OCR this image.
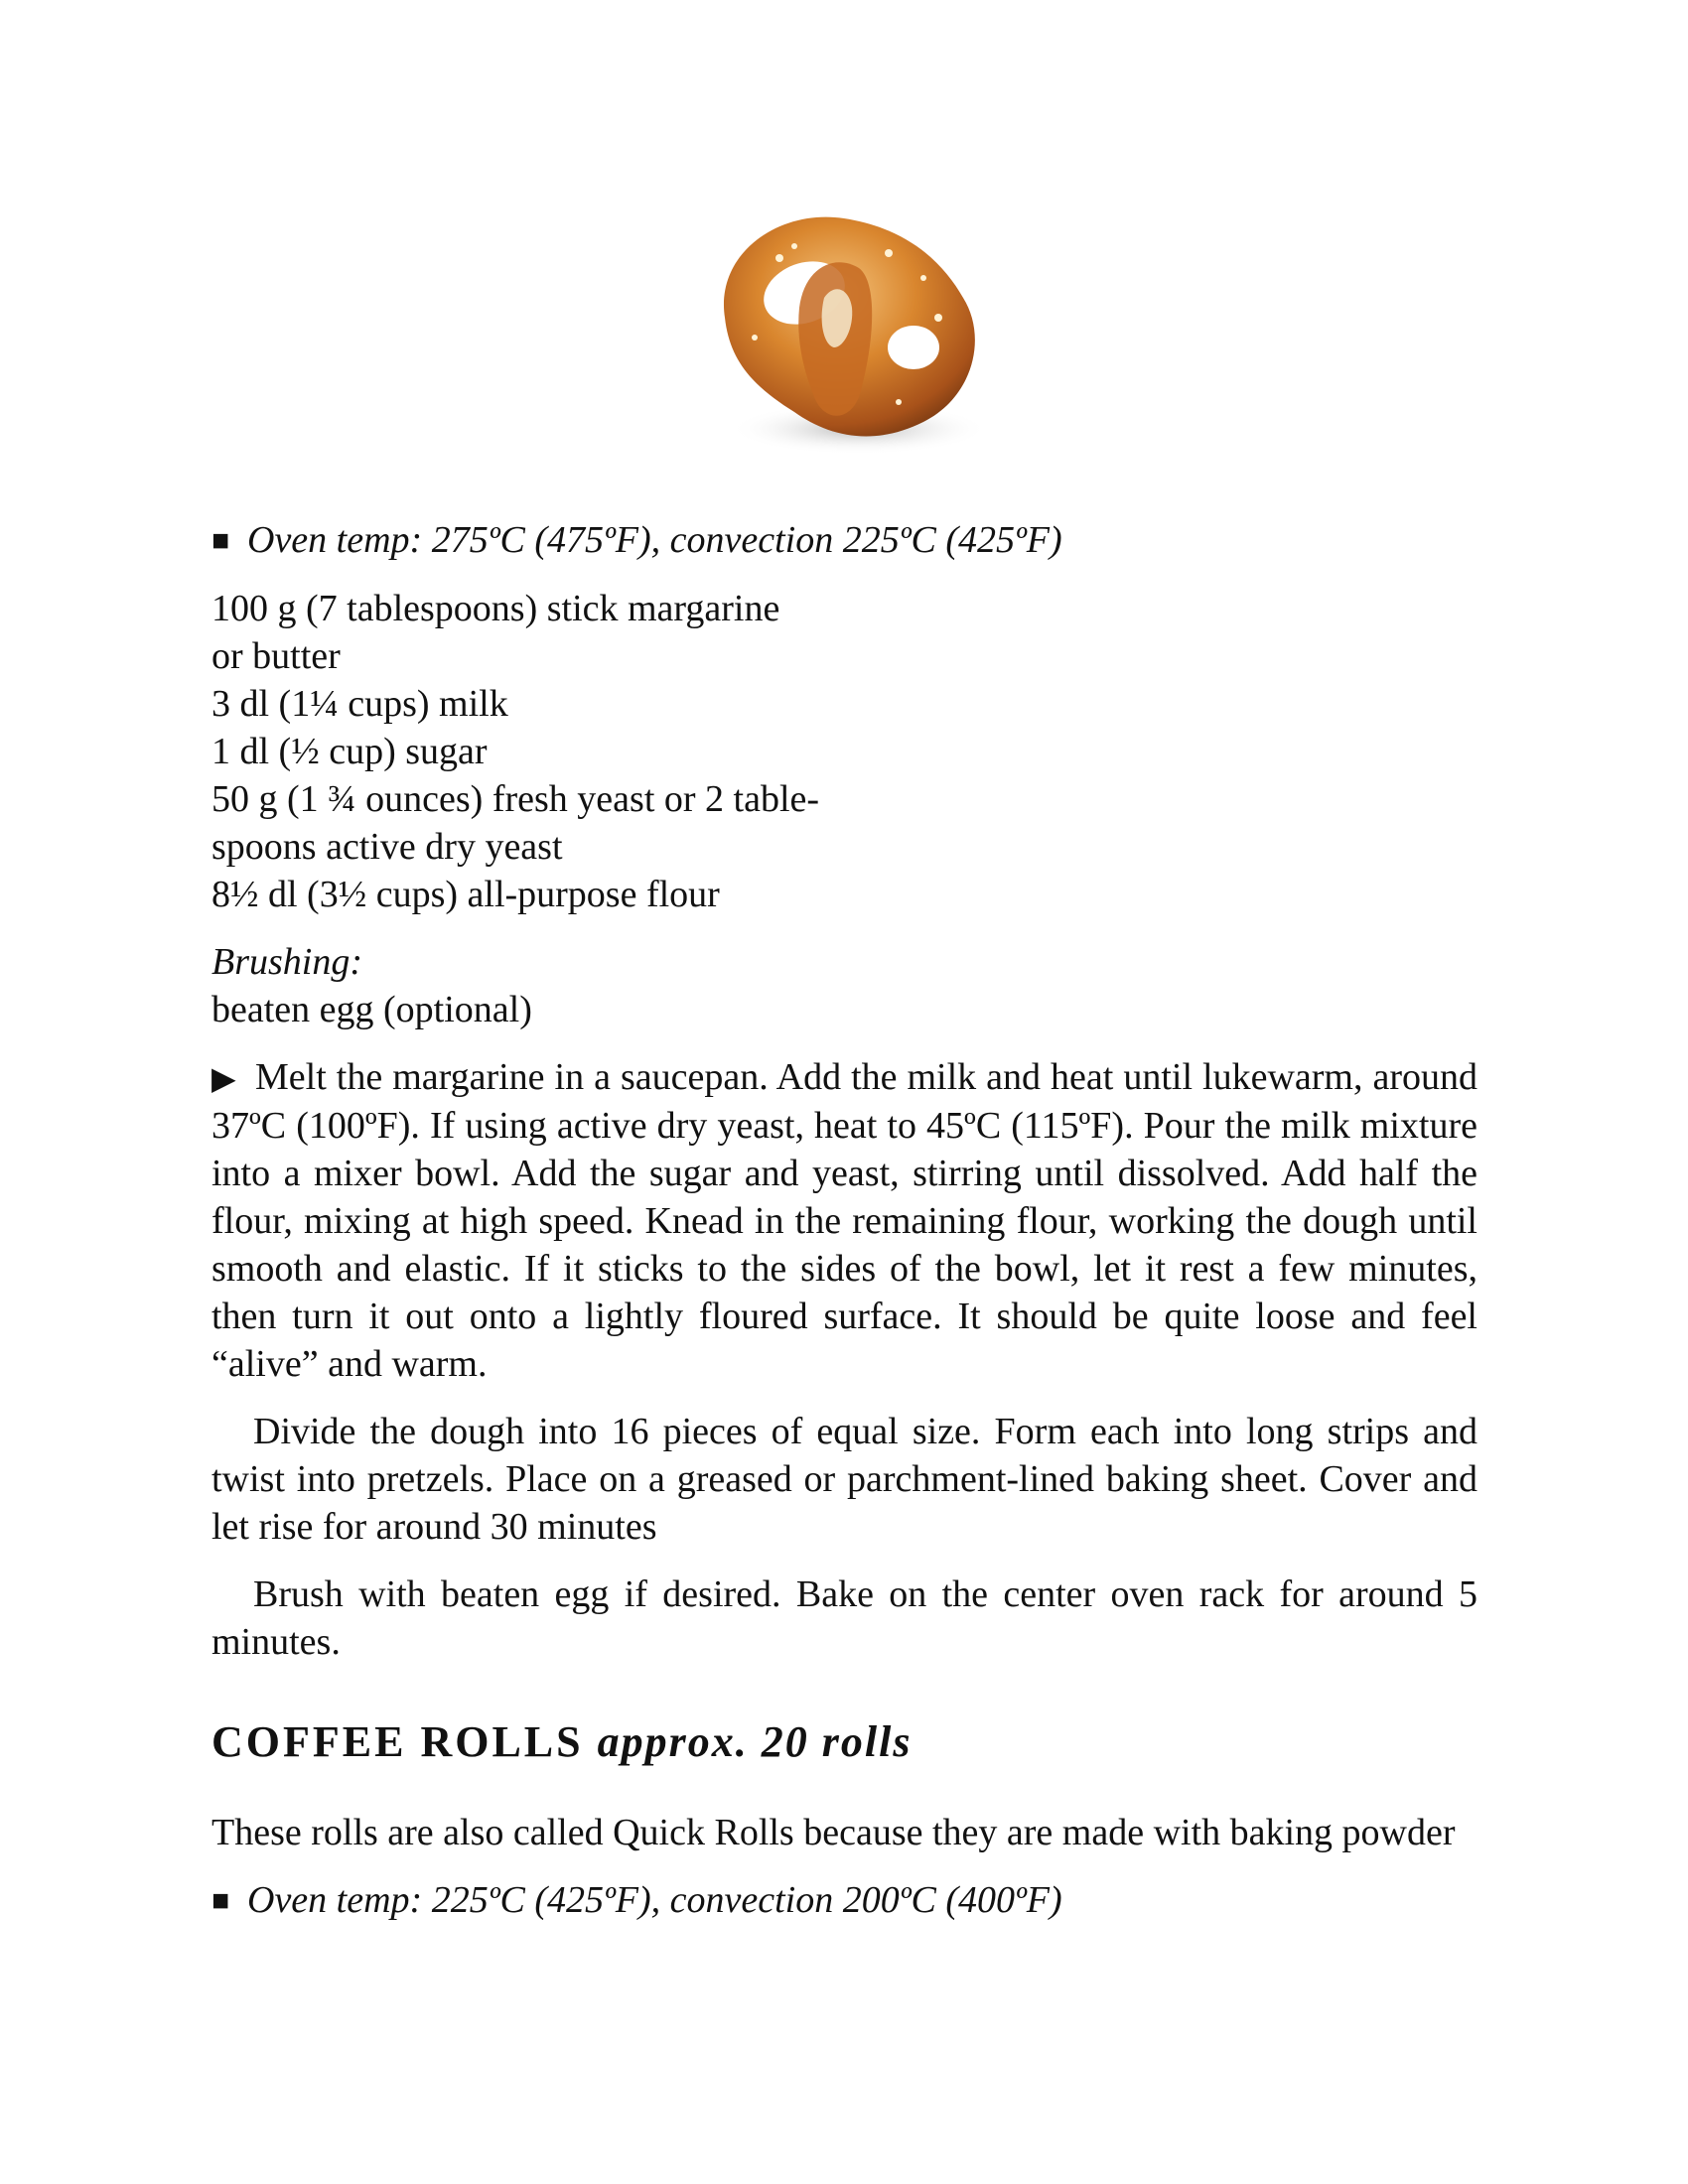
■ Oven temp: 275ºC (475ºF), convection 225ºC (425ºF)

100 g (7 tablespoons) stick margarine
or butter
3 dl (1¼ cups) milk
1 dl (½ cup) sugar
50 g (1 ¾ ounces) fresh yeast or 2 table-
spoons active dry yeast
8½ dl (3½ cups) all-purpose flour
Brushing:
beaten egg (optional)

▶ Melt the margarine in a saucepan. Add the milk and heat until lukewarm, around 37ºC (100ºF). If using active dry yeast, heat to 45ºC (115ºF). Pour the milk mixture into a mixer bowl. Add the sugar and yeast, stirring until dissolved. Add half the flour, mixing at high speed. Knead in the remaining flour, working the dough until smooth and elastic. If it sticks to the sides of the bowl, let it rest a few minutes, then turn it out onto a lightly floured surface. It should be quite loose and feel “alive” and warm.

Divide the dough into 16 pieces of equal size. Form each into long strips and twist into pretzels. Place on a greased or parchment-lined baking sheet. Cover and let rise for around 30 minutes

Brush with beaten egg if desired. Bake on the center oven rack for around 5 minutes.

COFFEE ROLLS approx. 20 rolls

These rolls are also called Quick Rolls because they are made with baking powder

■ Oven temp: 225ºC (425ºF), convection 200ºC (400ºF)
